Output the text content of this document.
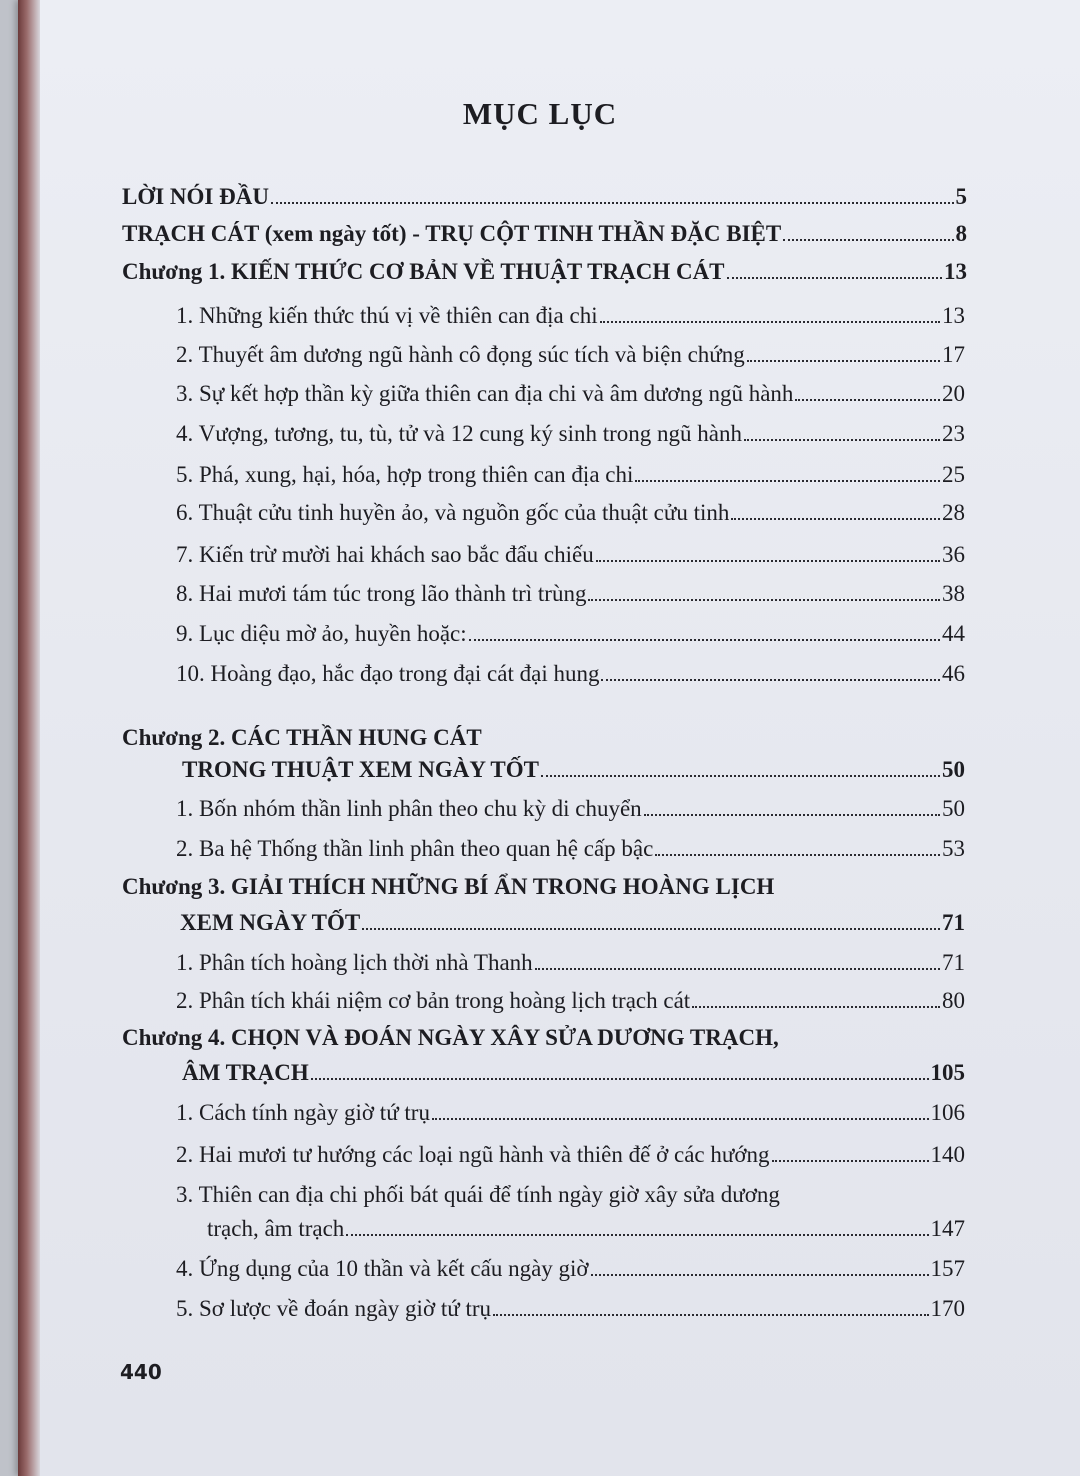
MỤC LỤC
LỜI NÓI ĐẦU	5
TRẠCH CÁT (xem ngày tốt) - TRỤ CỘT TINH THẦN ĐẶC BIỆT	8
Chương 1. KIẾN THỨC CƠ BẢN VỀ THUẬT TRẠCH CÁT	13
1. Những kiến thức thú vị về thiên can địa chi	13
2. Thuyết âm dương ngũ hành cô đọng súc tích và biện chứng	17
3. Sự kết hợp thần kỳ giữa thiên can địa chi và âm dương ngũ hành	20
4. Vượng, tương, tu, tù, tử và 12 cung ký sinh trong ngũ hành	23
5. Phá, xung, hại, hóa, hợp trong thiên can địa chi	25
6. Thuật cửu tinh huyền ảo, và nguồn gốc của thuật cửu tinh	28
7. Kiến trừ mười hai khách sao bắc đẩu chiếu	36
8. Hai mươi tám túc trong lão thành trì trùng	38
9. Lục diệu mờ ảo, huyền hoặc:	44
10. Hoàng đạo, hắc đạo trong đại cát đại hung	46
Chương 2. CÁC THẦN HUNG CÁT
TRONG THUẬT XEM NGÀY TỐT	50
1. Bốn nhóm thần linh phân theo chu kỳ di chuyển	50
2. Ba hệ Thống thần linh phân theo quan hệ cấp bậc	53
Chương 3. GIẢI THÍCH NHỮNG BÍ ẨN TRONG HOÀNG LỊCH
XEM NGÀY TỐT	71
1. Phân tích hoàng lịch thời nhà Thanh	71
2. Phân tích khái niệm cơ bản trong hoàng lịch trạch cát	80
Chương 4. CHỌN VÀ ĐOÁN NGÀY XÂY SỬA DƯƠNG TRẠCH,
ÂM TRẠCH	105
1. Cách tính ngày giờ tứ trụ	106
2. Hai mươi tư hướng các loại ngũ hành và thiên đế ở các hướng	140
3. Thiên can địa chi phối bát quái để tính ngày giờ xây sửa dương
trạch, âm trạch	147
4. Ứng dụng của 10 thần và kết cấu ngày giờ	157
5. Sơ lược về đoán ngày giờ tứ trụ	170
440
